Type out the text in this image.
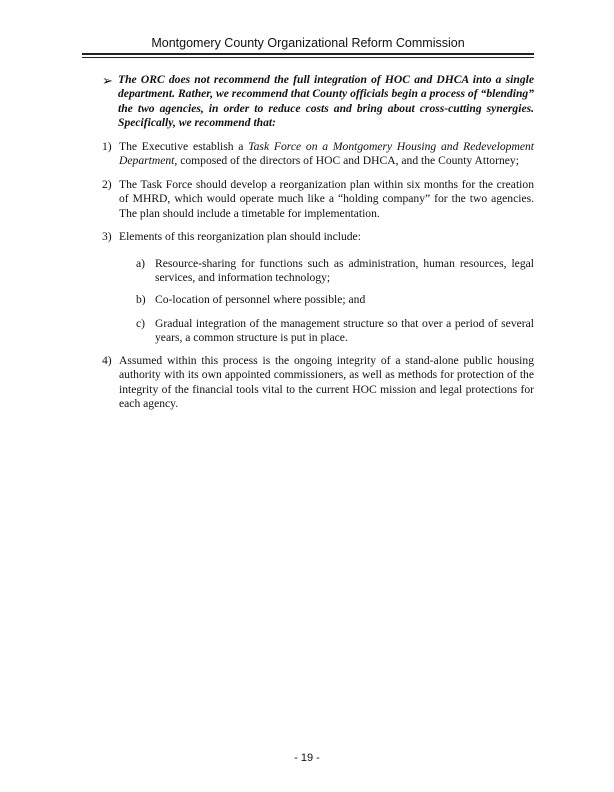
Montgomery County Organizational Reform Commission
➢ The ORC does not recommend the full integration of HOC and DHCA into a single department. Rather, we recommend that County officials begin a process of “blending” the two agencies, in order to reduce costs and bring about cross-cutting synergies. Specifically, we recommend that:
1) The Executive establish a Task Force on a Montgomery Housing and Redevelopment Department, composed of the directors of HOC and DHCA, and the County Attorney;
2) The Task Force should develop a reorganization plan within six months for the creation of MHRD, which would operate much like a “holding company” for the two agencies. The plan should include a timetable for implementation.
3) Elements of this reorganization plan should include:
a) Resource-sharing for functions such as administration, human resources, legal services, and information technology;
b) Co-location of personnel where possible; and
c) Gradual integration of the management structure so that over a period of several years, a common structure is put in place.
4) Assumed within this process is the ongoing integrity of a stand-alone public housing authority with its own appointed commissioners, as well as methods for protection of the integrity of the financial tools vital to the current HOC mission and legal protections for each agency.
- 19 -
